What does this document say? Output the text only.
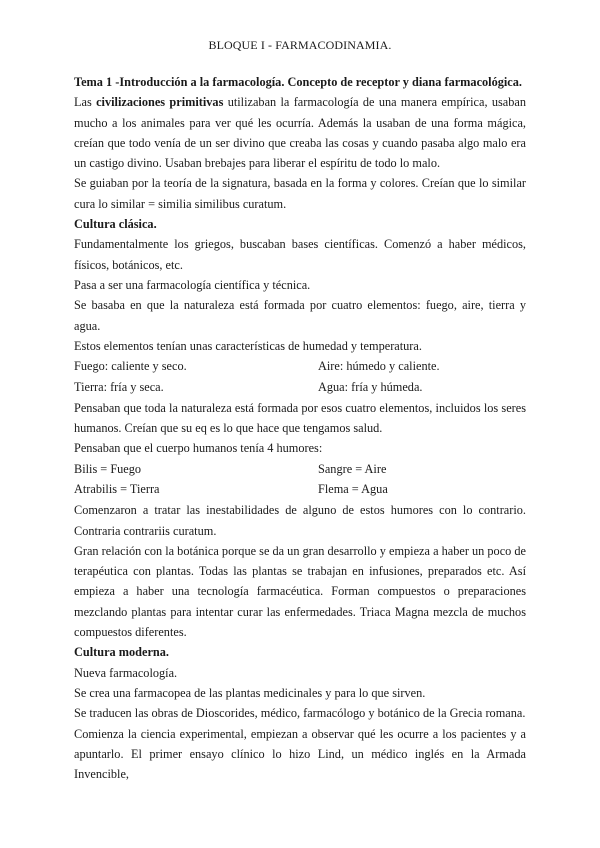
BLOQUE I - FARMACODINAMIA.

Tema 1 -Introducción a la farmacología. Concepto de receptor y diana farmacológica.

Las civilizaciones primitivas utilizaban la farmacología de una manera empírica, usaban mucho a los animales para ver qué les ocurría. Además la usaban de una forma mágica, creían que todo venía de un ser divino que creaba las cosas y cuando pasaba algo malo era un castigo divino. Usaban brebajes para liberar el espíritu de todo lo malo.

Se guiaban por la teoría de la signatura, basada en la forma y colores. Creían que lo similar cura lo similar = similia similibus curatum.

Cultura clásica.

Fundamentalmente los griegos, buscaban bases científicas. Comenzó a haber médicos, físicos, botánicos, etc.

Pasa a ser una farmacología científica y técnica.

Se basaba en que la naturaleza está formada por cuatro elementos: fuego, aire, tierra y agua.

Estos elementos tenían unas características de humedad y temperatura.

Fuego: caliente y seco.	Aire: húmedo y caliente.
Tierra: fría y seca.	Agua: fría y húmeda.

Pensaban que toda la naturaleza está formada por esos cuatro elementos, incluidos los seres humanos. Creían que su eq es lo que hace que tengamos salud.

Pensaban que el cuerpo humanos tenía 4 humores:

Bilis = Fuego	Sangre = Aire
Atrabilis = Tierra	Flema = Agua

Comenzaron a tratar las inestabilidades de alguno de estos humores con lo contrario. Contraria contrariis curatum.

Gran relación con la botánica porque se da un gran desarrollo y empieza a haber un poco de terapéutica con plantas. Todas las plantas se trabajan en infusiones, preparados etc. Así empieza a haber una tecnología farmacéutica. Forman compuestos o preparaciones mezclando plantas para intentar curar las enfermedades. Triaca Magna mezcla de muchos compuestos diferentes.

Cultura moderna.

Nueva farmacología.

Se crea una farmacopea de las plantas medicinales y para lo que sirven.

Se traducen las obras de Dioscorides, médico, farmacólogo y botánico de la Grecia romana.

Comienza la ciencia experimental, empiezan a observar qué les ocurre a los pacientes y a apuntarlo. El primer ensayo clínico lo hizo Lind, un médico inglés en la Armada Invencible,
